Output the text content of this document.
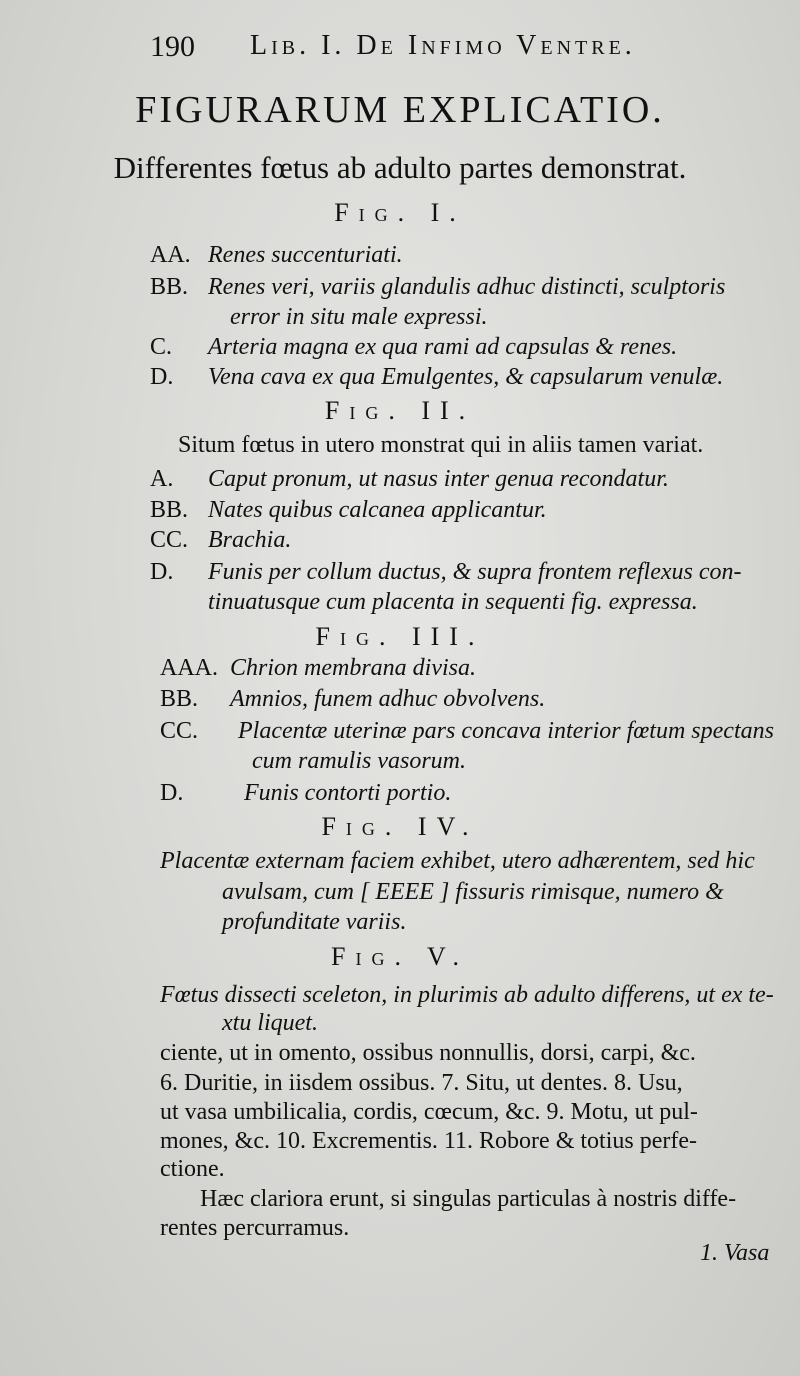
190 Lib. I. De Infimo Ventre.
FIGURARUM EXPLICATIO.
Differentes fœtus ab adulto partes demonstrat.
Fig. I.
AA. Renes succenturiati.
BB. Renes veri, variis glandulis adhuc distincti, sculptoris
error in situ male expressi.
C. Arteria magna ex qua rami ad capsulas & renes.
D. Vena cava ex qua Emulgentes, & capsularum venulæ.
Fig. II.
Situm fœtus in utero monstrat qui in aliis tamen variat.
A. Caput pronum, ut nasus inter genua recondatur.
BB. Nates quibus calcanea applicantur.
CC. Brachia.
D. Funis per collum ductus, & supra frontem reflexus con-
tinuatusque cum placenta in sequenti fig. expressa.
Fig. III.
AAA. Chrion membrana divisa.
BB. Amnios, funem adhuc obvolvens.
CC. Placentæ uterinæ pars concava interior fœtum spectans
cum ramulis vasorum.
D.	Funis contorti portio.
Fig. IV.
Placentæ externam faciem exhibet, utero adhærentem, sed hic
avulsam, cum [ EEEE ] fissuris rimisque, numero &
profunditate variis.
Fig. V.
Fœtus dissecti sceleton, in plurimis ab adulto differens, ut ex te-
xtu liquet.
ciente, ut in omento, ossibus nonnullis, dorsi, carpi, &c.
6. Duritie, in iisdem ossibus. 7. Situ, ut dentes. 8. Usu,
ut vasa umbilicalia, cordis, cœcum, &c. 9. Motu, ut pul-
mones, &c. 10. Excrementis. 11. Robore & totius perfe-
ctione.
Hæc clariora erunt, si singulas particulas à nostris diffe-
rentes percurramus.
1. Vasa
